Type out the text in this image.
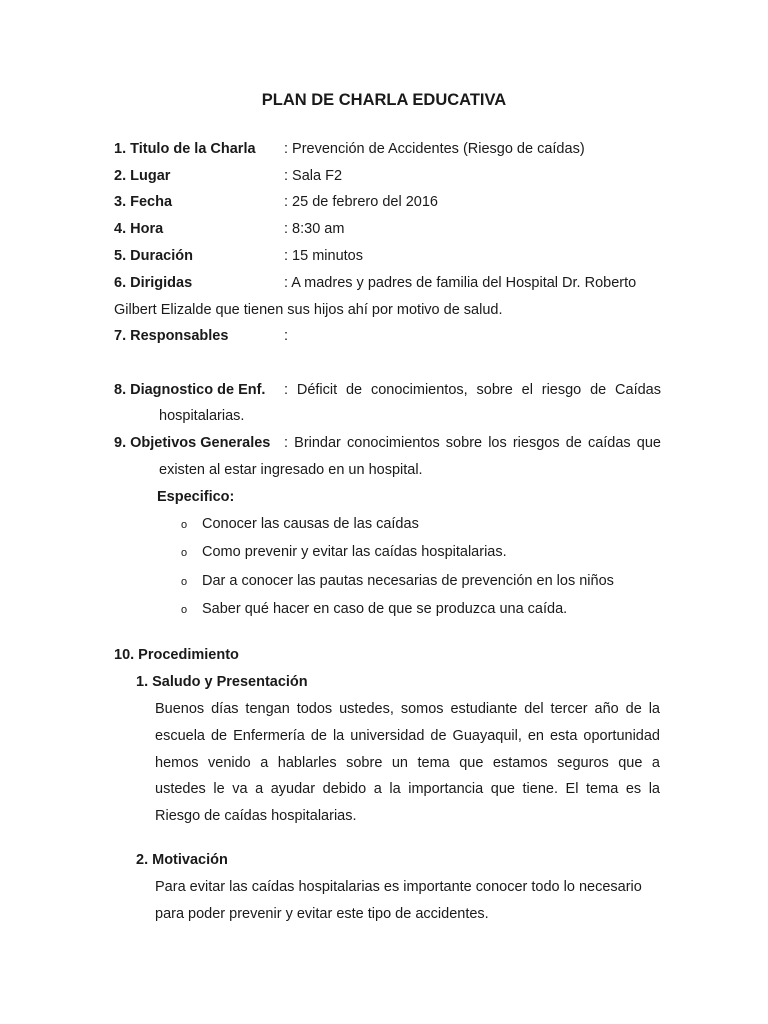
PLAN DE CHARLA EDUCATIVA
1. Titulo de la Charla : Prevención de Accidentes (Riesgo de caídas)
2. Lugar	: Sala F2
3. Fecha	: 25 de febrero del 2016
4. Hora	: 8:30 am
5. Duración	: 15 minutos
6. Dirigidas	: A madres y padres de familia del Hospital Dr. Roberto
Gilbert Elizalde que tienen sus hijos ahí por motivo de salud.
7. Responsables	:
8. Diagnostico de Enf. : Déficit de conocimientos, sobre el riesgo de Caídas
hospitalarias.
9. Objetivos Generales : Brindar conocimientos sobre los riesgos de caídas que
existen al estar ingresado en un hospital.
Especifico:
o Conocer las causas de las caídas
o Como prevenir y evitar las caídas hospitalarias.
o Dar a conocer las pautas necesarias de prevención en los niños
o Saber qué hacer en caso de que se produzca una caída.
10. Procedimiento
1. Saludo y Presentación
Buenos días tengan todos ustedes, somos estudiante del tercer año de la
escuela de Enfermería de la universidad de Guayaquil, en esta oportunidad
hemos venido a hablarles sobre un tema que estamos seguros que a
ustedes le va a ayudar debido a la importancia que tiene. El tema es la
Riesgo de caídas hospitalarias.
2. Motivación
Para evitar las caídas hospitalarias es importante conocer todo lo necesario
para poder prevenir y evitar este tipo de accidentes.
